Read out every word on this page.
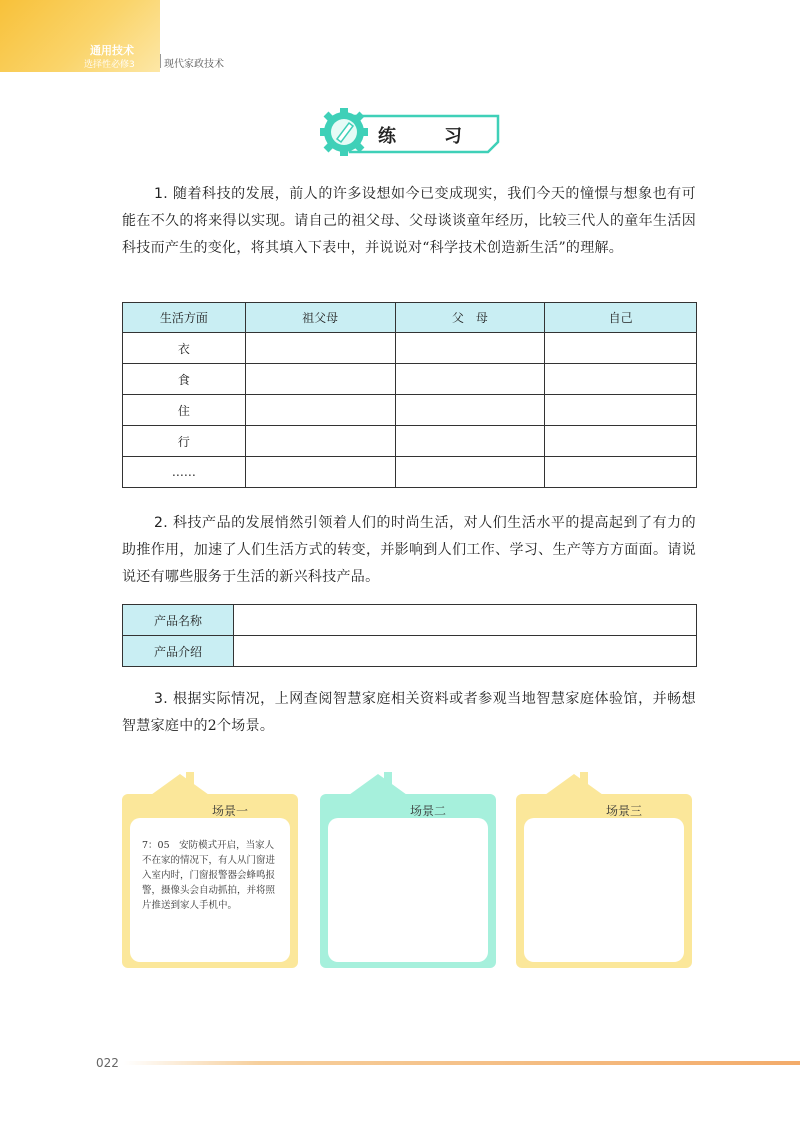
通用技术
选择性必修3	现代家政技术
练	习
1. 随着科技的发展，前人的许多设想如今已变成现实，我们今天的憧憬与想象也有可能在不久的将来得以实现。请自己的祖父母、父母谈谈童年经历，比较三代人的童年生活因科技而产生的变化，将其填入下表中，并说说对“科学技术创造新生活”的理解。
生活方面	祖父母	父　母	自己
衣			
食			
住			
行			
……			
2. 科技产品的发展悄然引领着人们的时尚生活，对人们生活水平的提高起到了有力的助推作用，加速了人们生活方式的转变，并影响到人们工作、学习、生产等方方面面。请说说还有哪些服务于生活的新兴科技产品。
产品名称	
产品介绍	
3. 根据实际情况，上网查阅智慧家庭相关资料或者参观当地智慧家庭体验馆，并畅想智慧家庭中的2个场景。
场景一
7：05　安防模式开启，当家人不在家的情况下，有人从门窗进入室内时，门窗报警器会蜂鸣报警，摄像头会自动抓拍，并将照片推送到家人手机中。
场景二	场景三
022
